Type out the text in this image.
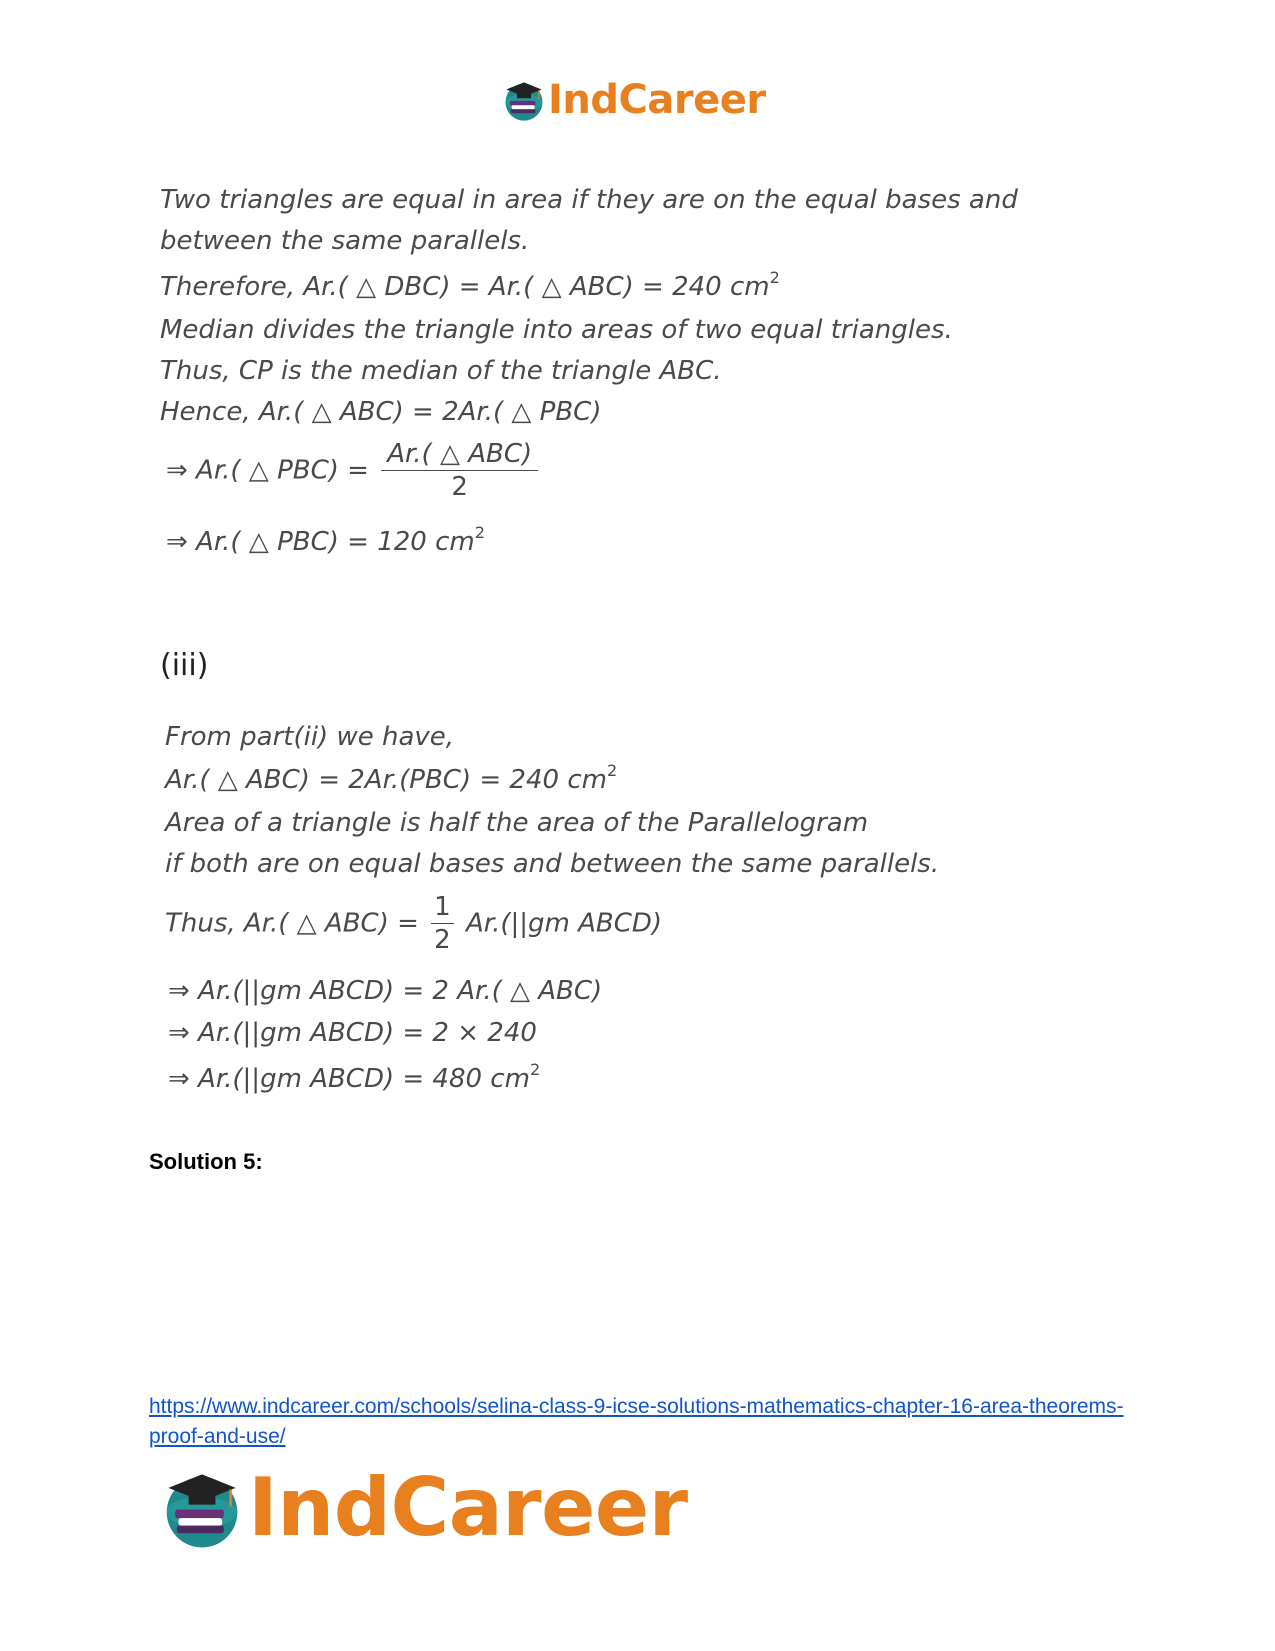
IndCareer
Two triangles are equal in area if they are on the equal bases and
between the same parallels.
Therefore, Ar.( △ DBC) = Ar.( △ ABC) = 240 $cm^2$
Median divides the triangle into areas of two equal triangles.
Thus, CP is the median of the triangle ABC.
Hence, Ar.( △ ABC) = 2Ar.( △ PBC)
⇒ Ar.( △ $PBC) = \frac{\text{Ar.( △ ABC)}}{2}$
⇒ Ar.( △ PBC) = 120 $cm^2$
(iii)
From part(ii) we have,
Ar.( △ ABC) = 2Ar.(PBC) = 240 $cm^2$
Area of a triangle is half the area of the Parallelogram
if both are on equal bases and between the same parallels.
Thus, Ar.( △ $ABC) = \frac{1}{2} Ar.(||gm$ ABCD)
⇒ Ar.(||gm ABCD) = 2 Ar.( △ ABC)
⇒ Ar.(||gm ABCD) = 2 × 240
⇒ Ar.(||gm ABCD) = 480 $cm^2$
Solution 5:
https://www.indcareer.com/schools/selina-class-9-icse-solutions-mathematics-chapter-16-area-theorems-proof-and-use/
IndCareer
